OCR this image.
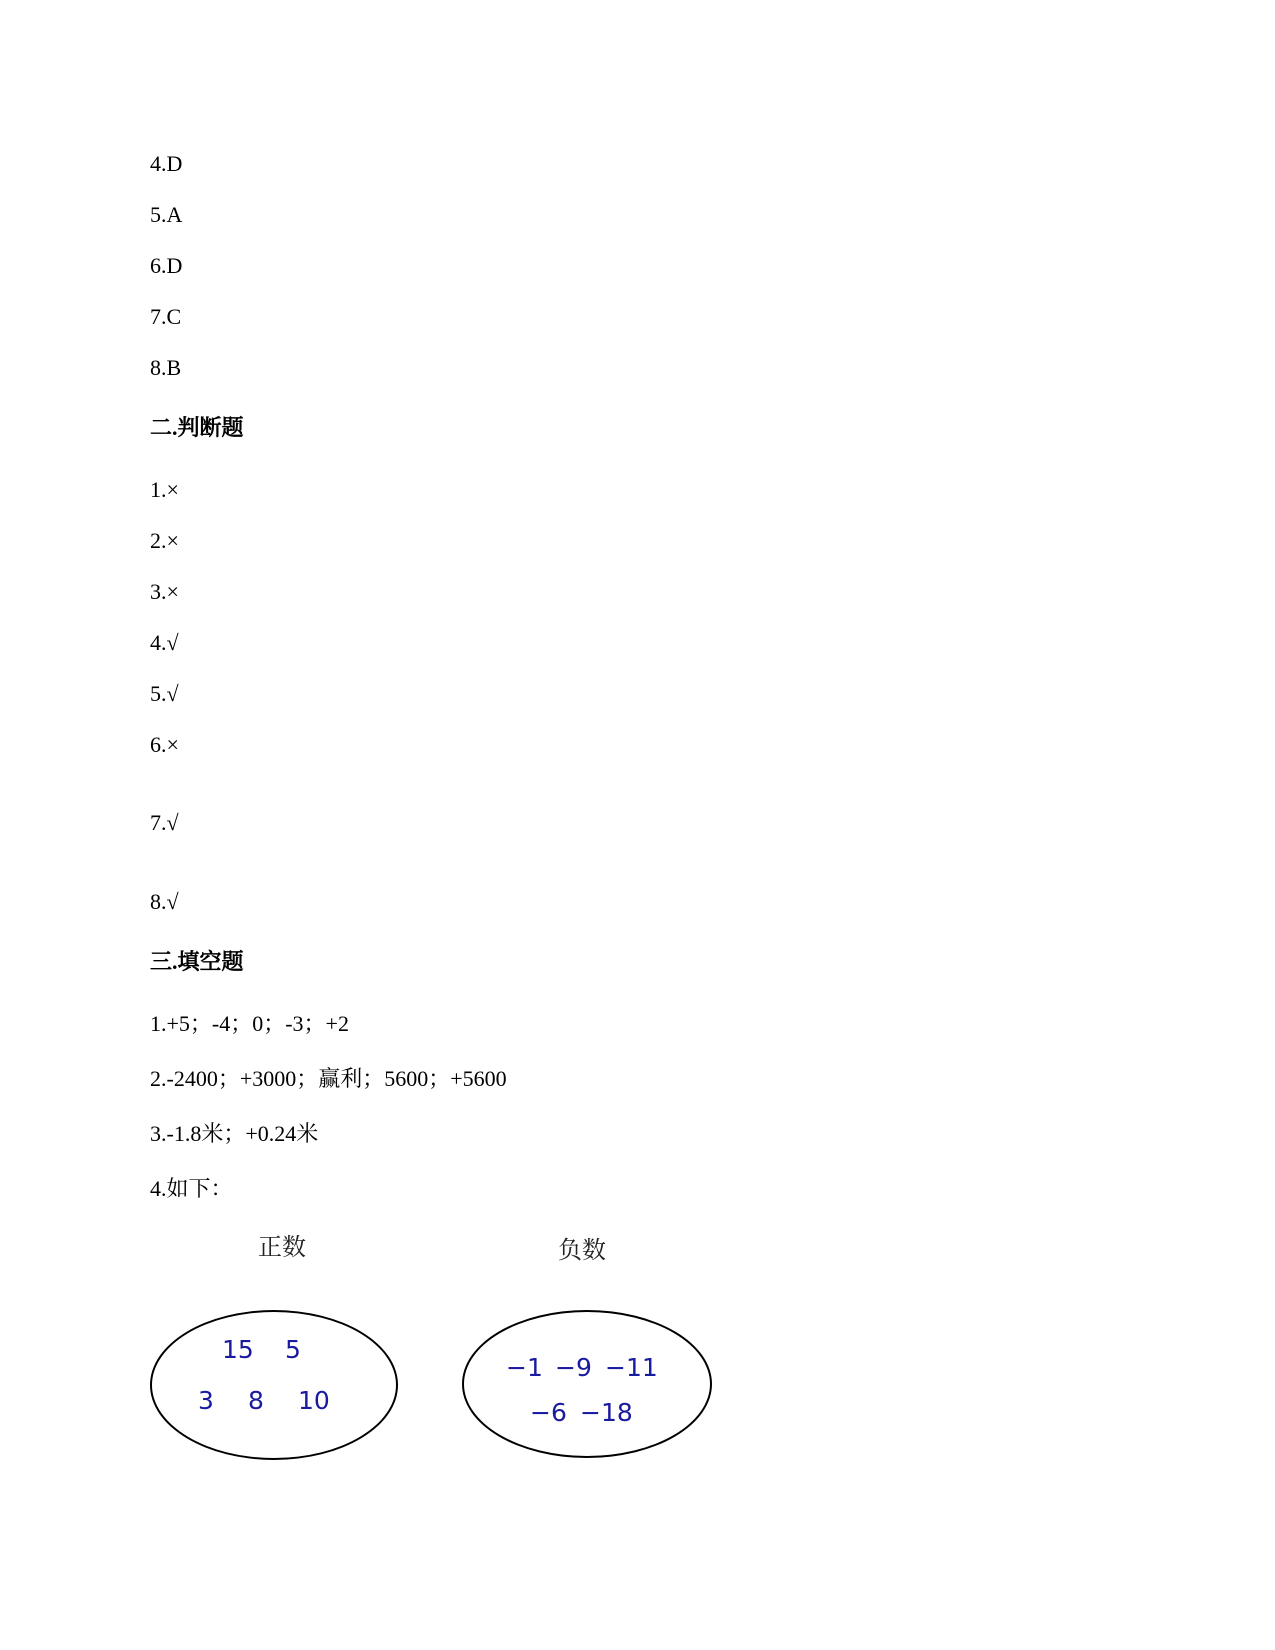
4.D
5.A
6.D
7.C
8.B
二.判断题
1.×
2.×
3.×
4.√
5.√
6.×
7.√
8.√
三.填空题
1.+5；-4；0；-3；+2
2.-2400；+3000；赢利；5600；+5600
3.-1.8米；+0.24米
4.如下：
正数
15 5
3 8 10
负数
−1 −9 −11
−6 −18
